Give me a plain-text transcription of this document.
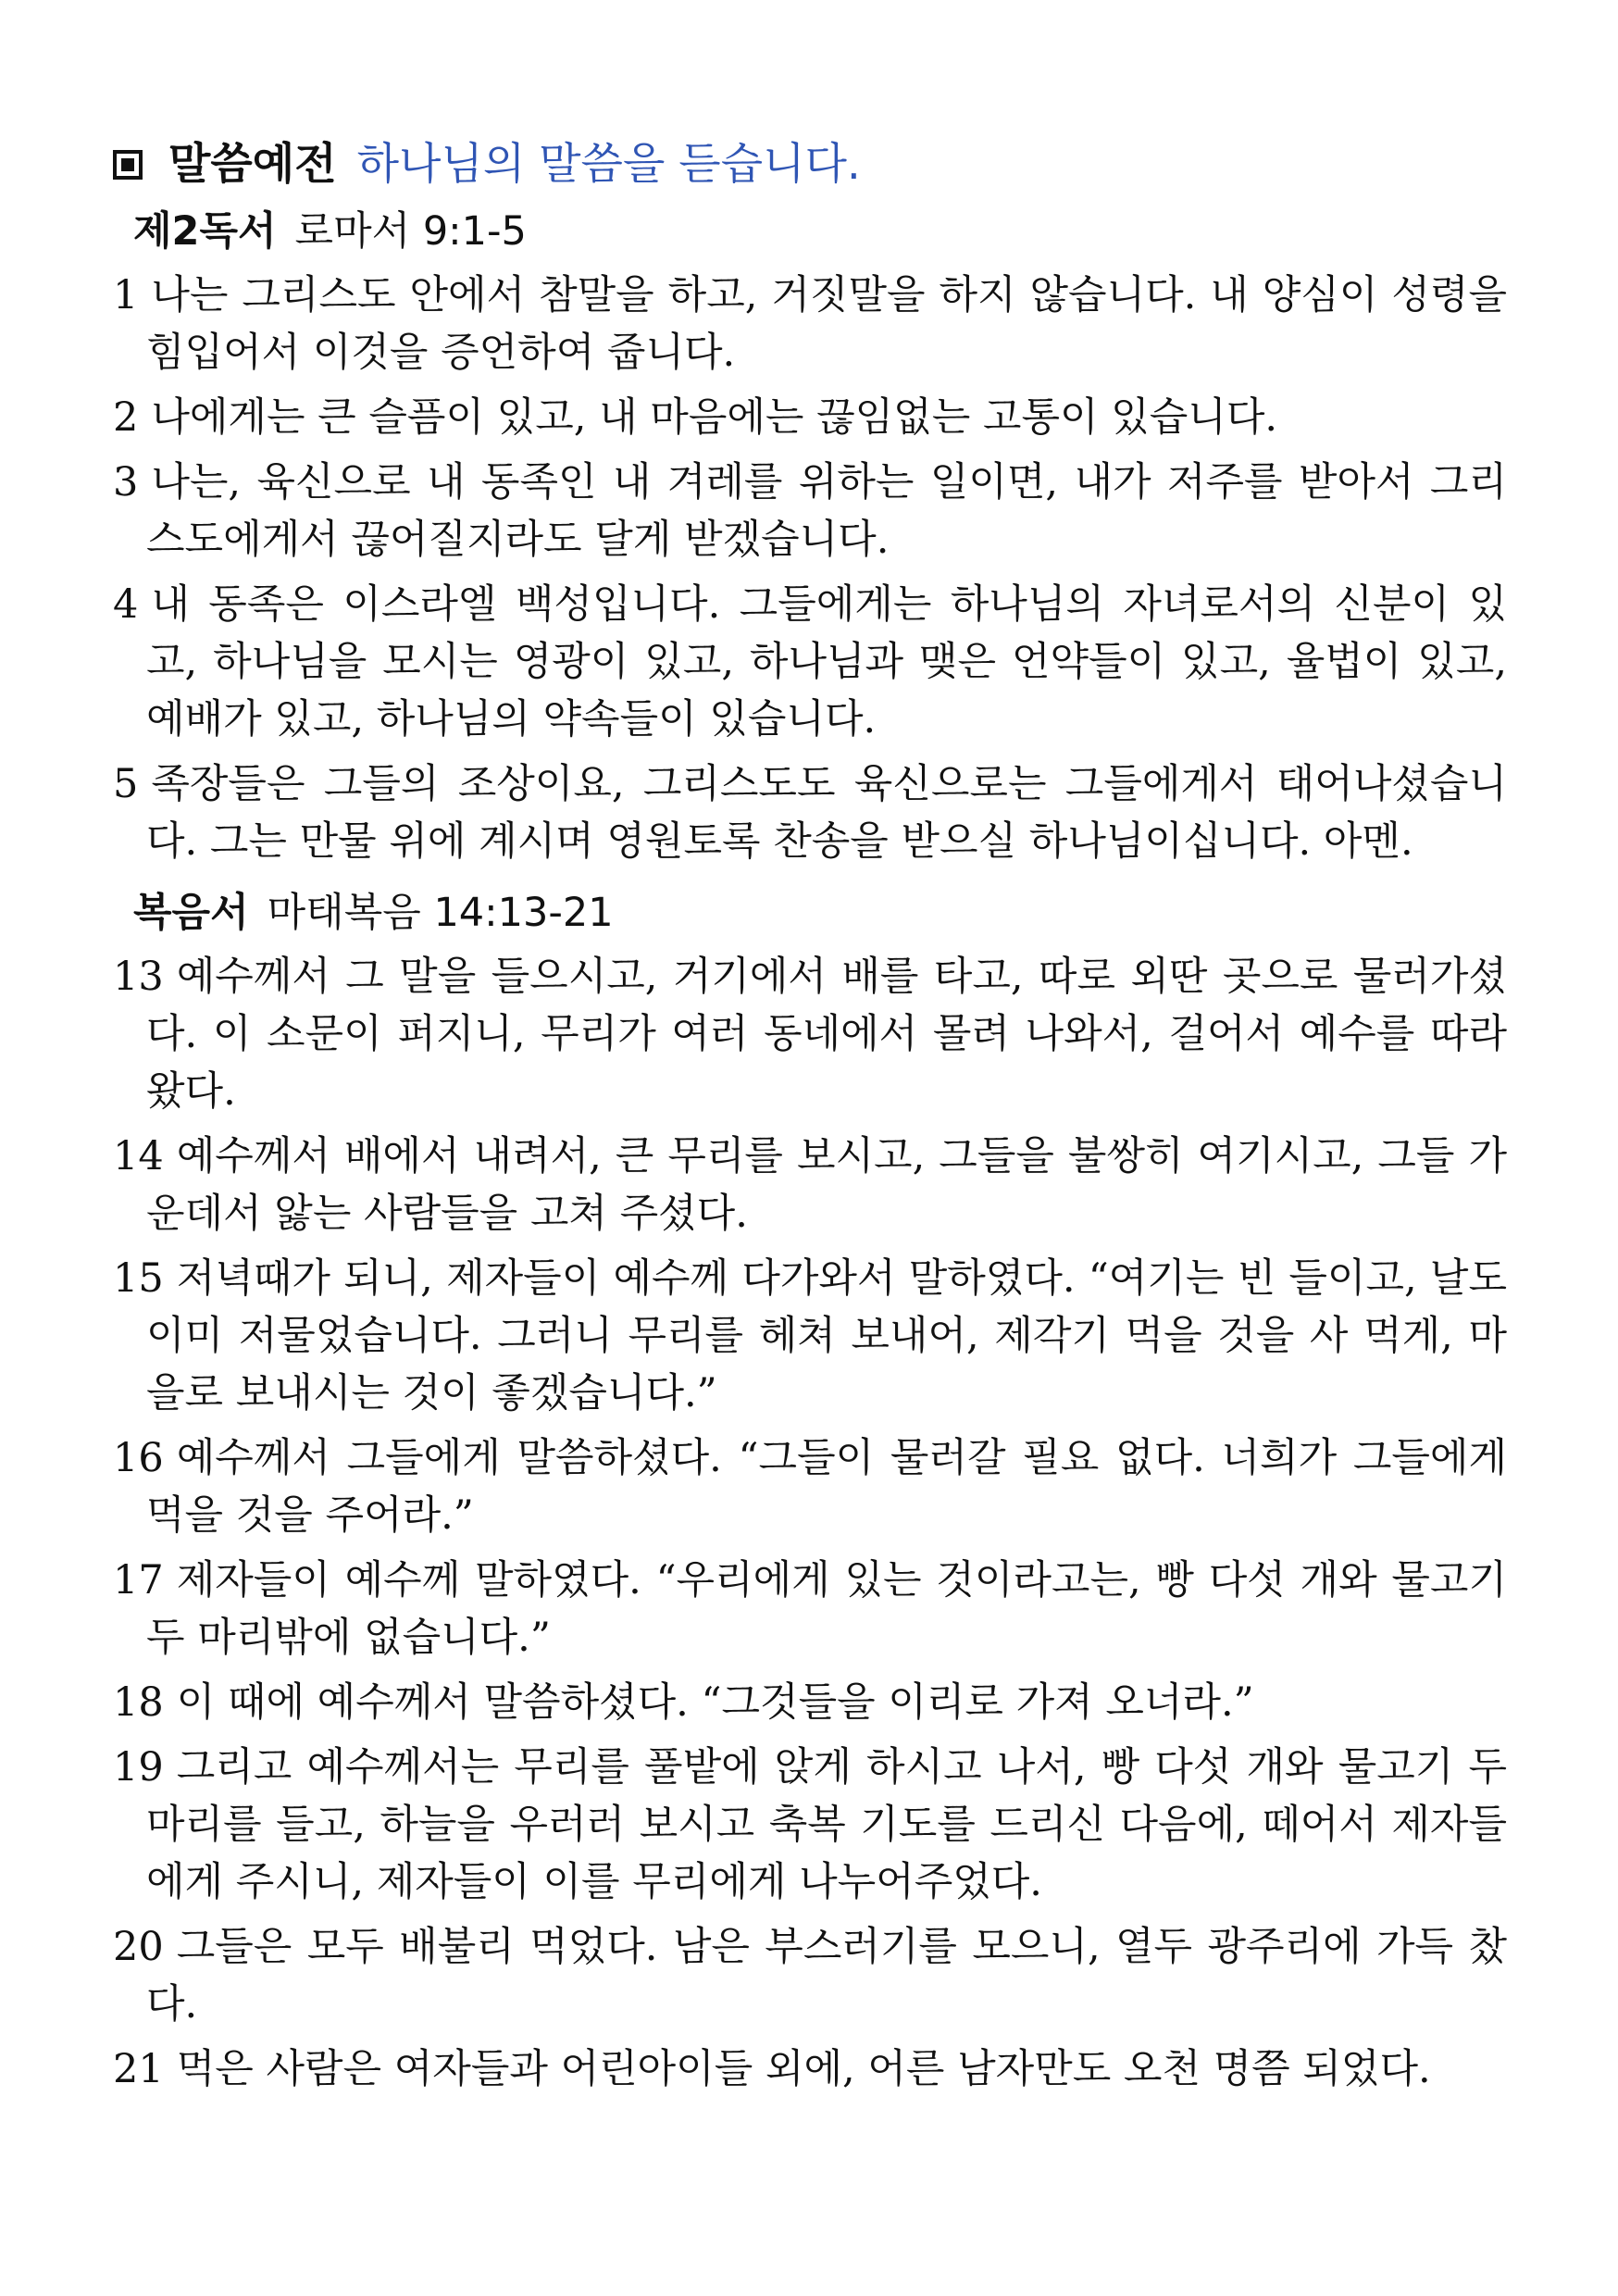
말씀예전 하나님의 말씀을 듣습니다.
제2독서 로마서 9:1-5

1 나는 그리스도 안에서 참말을 하고, 거짓말을 하지 않습니다. 내 양심이 성령을 힘입어서 이것을 증언하여 줍니다.

2 나에게는 큰 슬픔이 있고, 내 마음에는 끊임없는 고통이 있습니다.

3 나는, 육신으로 내 동족인 내 겨레를 위하는 일이면, 내가 저주를 받아서 그리스도에게서 끊어질지라도 달게 받겠습니다.

4 내 동족은 이스라엘 백성입니다. 그들에게는 하나님의 자녀로서의 신분이 있고, 하나님을 모시는 영광이 있고, 하나님과 맺은 언약들이 있고, 율법이 있고, 예배가 있고, 하나님의 약속들이 있습니다.

5 족장들은 그들의 조상이요, 그리스도도 육신으로는 그들에게서 태어나셨습니다. 그는 만물 위에 계시며 영원토록 찬송을 받으실 하나님이십니다. 아멘.

복음서 마태복음 14:13-21

13 예수께서 그 말을 들으시고, 거기에서 배를 타고, 따로 외딴 곳으로 물러가셨다. 이 소문이 퍼지니, 무리가 여러 동네에서 몰려 나와서, 걸어서 예수를 따라왔다.

14 예수께서 배에서 내려서, 큰 무리를 보시고, 그들을 불쌍히 여기시고, 그들 가운데서 앓는 사람들을 고쳐 주셨다.

15 저녁때가 되니, 제자들이 예수께 다가와서 말하였다. “여기는 빈 들이고, 날도 이미 저물었습니다. 그러니 무리를 헤쳐 보내어, 제각기 먹을 것을 사 먹게, 마을로 보내시는 것이 좋겠습니다.”

16 예수께서 그들에게 말씀하셨다. “그들이 물러갈 필요 없다. 너희가 그들에게 먹을 것을 주어라.”

17 제자들이 예수께 말하였다. “우리에게 있는 것이라고는, 빵 다섯 개와 물고기 두 마리밖에 없습니다.”

18 이 때에 예수께서 말씀하셨다. “그것들을 이리로 가져 오너라.”

19 그리고 예수께서는 무리를 풀밭에 앉게 하시고 나서, 빵 다섯 개와 물고기 두 마리를 들고, 하늘을 우러러 보시고 축복 기도를 드리신 다음에, 떼어서 제자들에게 주시니, 제자들이 이를 무리에게 나누어주었다.

20 그들은 모두 배불리 먹었다. 남은 부스러기를 모으니, 열두 광주리에 가득 찼다.

21 먹은 사람은 여자들과 어린아이들 외에, 어른 남자만도 오천 명쯤 되었다.
